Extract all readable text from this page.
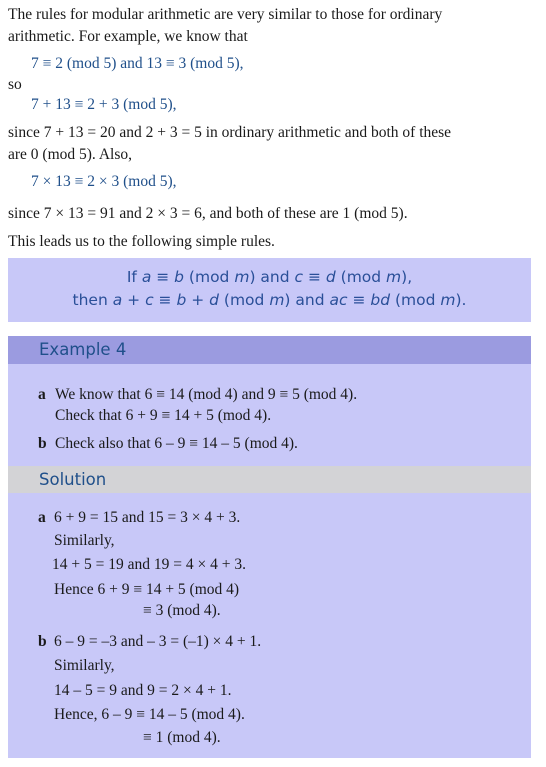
The rules for modular arithmetic are very similar to those for ordinary
arithmetic. For example, we know that
7 ≡ 2 (mod 5) and 13 ≡ 3 (mod 5),
so
7 + 13 ≡ 2 + 3 (mod 5),
since 7 + 13 = 20 and 2 + 3 = 5 in ordinary arithmetic and both of these
are 0 (mod 5). Also,
7 × 13 ≡ 2 × 3 (mod 5),
since 7 × 13 = 91 and 2 × 3 = 6, and both of these are 1 (mod 5).
This leads us to the following simple rules.
If a ≡ b (mod m) and c ≡ d (mod m),
then a + c ≡ b + d (mod m) and ac ≡ bd (mod m).
Example 4
a We know that 6 ≡ 14 (mod 4) and 9 ≡ 5 (mod 4).
Check that 6 + 9 ≡ 14 + 5 (mod 4).
b Check also that 6 – 9 ≡ 14 – 5 (mod 4).
Solution
a 6 + 9 = 15 and 15 = 3 × 4 + 3.
Similarly,
14 + 5 = 19 and 19 = 4 × 4 + 3.
Hence 6 + 9 ≡ 14 + 5 (mod 4)
≡ 3 (mod 4).
b 6 – 9 = –3 and – 3 = (–1) × 4 + 1.
Similarly,
14 – 5 = 9 and 9 = 2 × 4 + 1.
Hence, 6 – 9 ≡ 14 – 5 (mod 4).
≡ 1 (mod 4).
